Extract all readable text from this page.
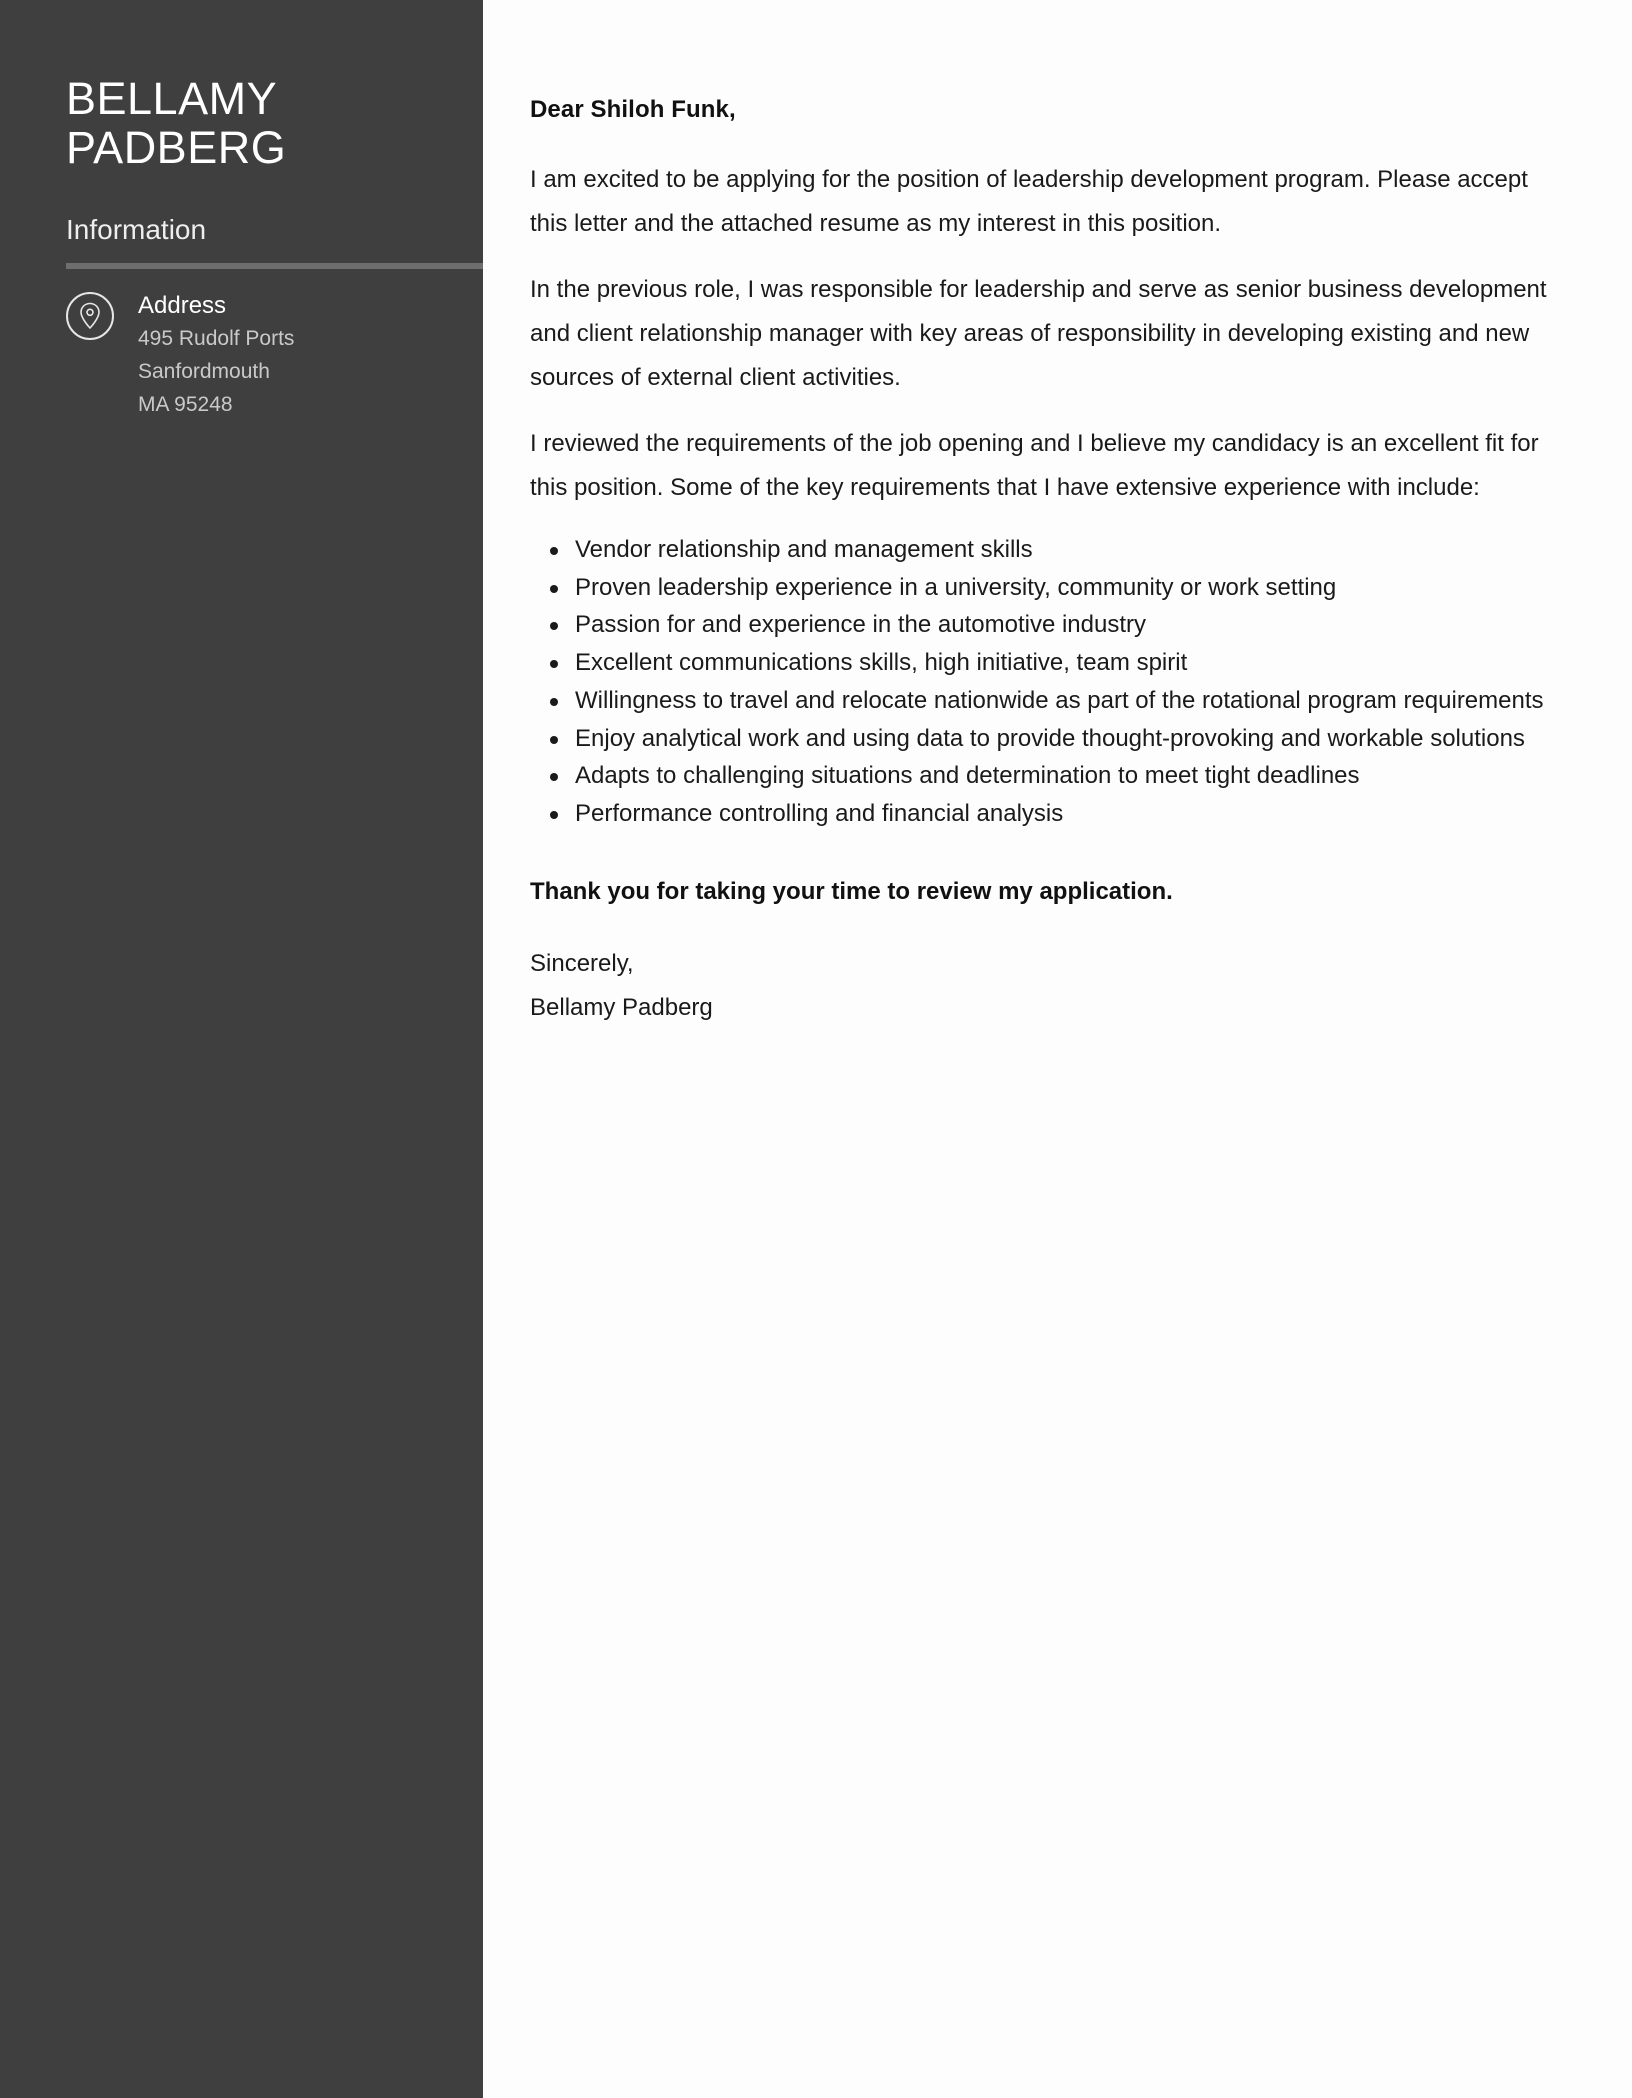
BELLAMY
PADBERG
Information
Address
495 Rudolf Ports
Sanfordmouth
MA 95248

Dear Shiloh Funk,

I am excited to be applying for the position of leadership development program. Please accept this letter and the attached resume as my interest in this position.

In the previous role, I was responsible for leadership and serve as senior business development and client relationship manager with key areas of responsibility in developing existing and new sources of external client activities.

I reviewed the requirements of the job opening and I believe my candidacy is an excellent fit for this position. Some of the key requirements that I have extensive experience with include:

Vendor relationship and management skills
Proven leadership experience in a university, community or work setting
Passion for and experience in the automotive industry
Excellent communications skills, high initiative, team spirit
Willingness to travel and relocate nationwide as part of the rotational program requirements
Enjoy analytical work and using data to provide thought-provoking and workable solutions
Adapts to challenging situations and determination to meet tight deadlines
Performance controlling and financial analysis

Thank you for taking your time to review my application.

Sincerely,
Bellamy Padberg
